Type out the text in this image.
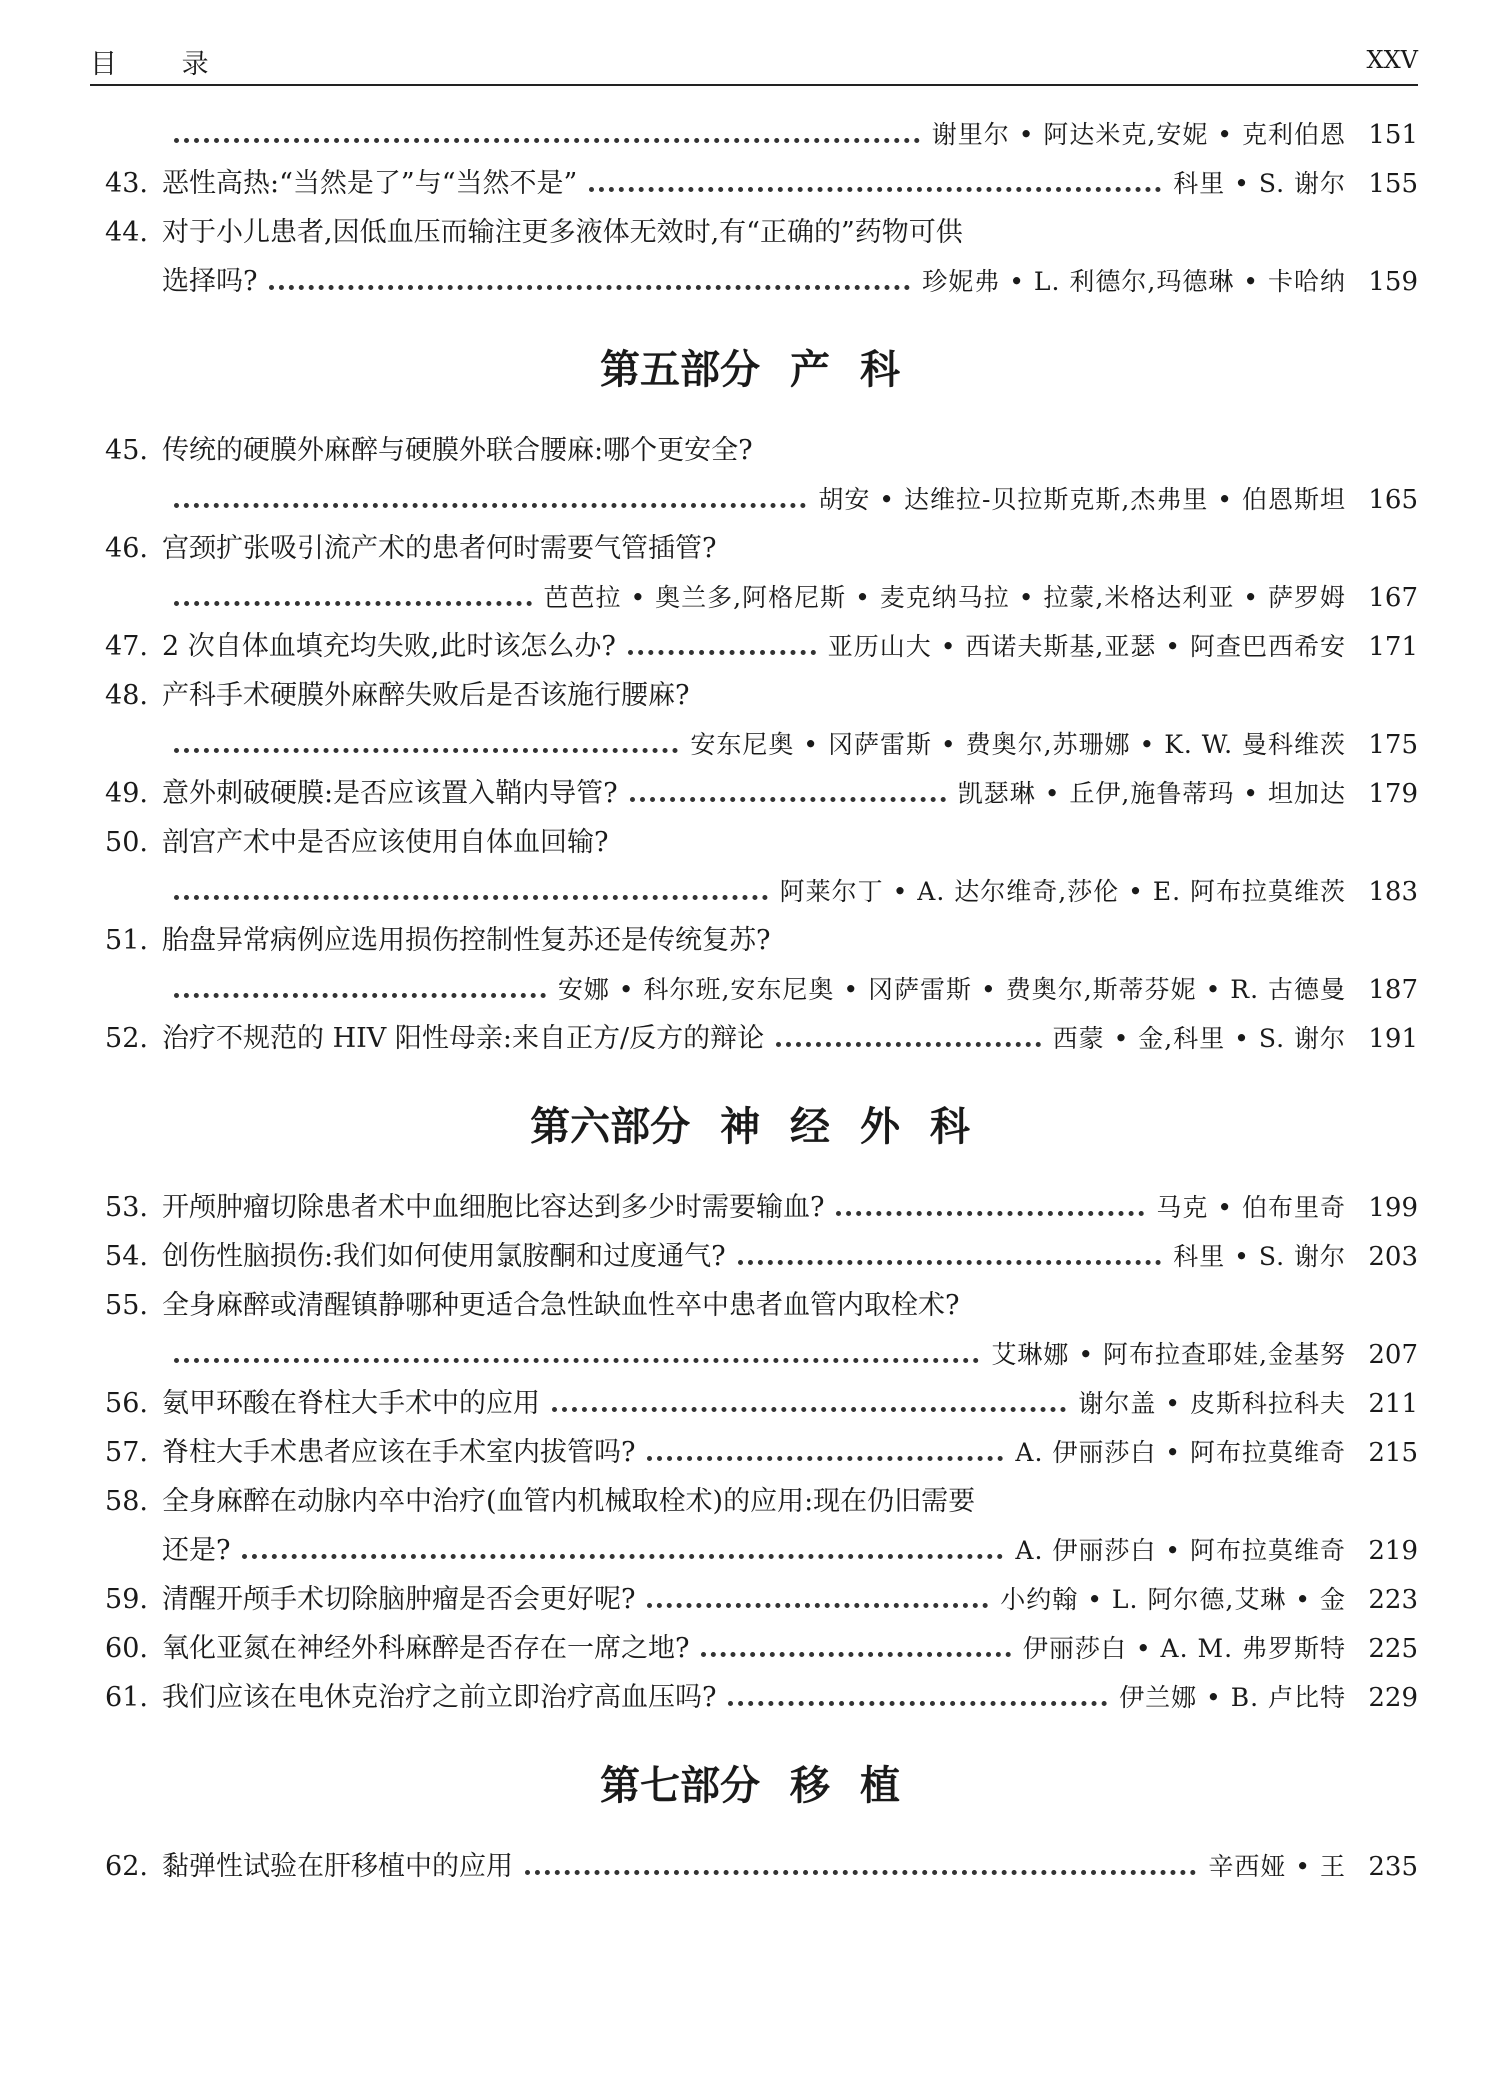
目 录	XXV
谢里尔 • 阿达米克,安妮 • 克利伯恩 151
43. 恶性高热:“当然是了”与“当然不是”	科里 • S. 谢尔 155
44. 对于小儿患者,因低血压而输注更多液体无效时,有“正确的”药物可供
选择吗?	珍妮弗 • L. 利德尔,玛德琳 • 卡哈纳 159
第五部分 产 科
45. 传统的硬膜外麻醉与硬膜外联合腰麻:哪个更安全?
胡安 • 达维拉-贝拉斯克斯,杰弗里 • 伯恩斯坦 165
46. 宫颈扩张吸引流产术的患者何时需要气管插管?
芭芭拉 • 奥兰多,阿格尼斯 • 麦克纳马拉 • 拉蒙,米格达利亚 • 萨罗姆 167
47. 2 次自体血填充均失败,此时该怎么办?	亚历山大 • 西诺夫斯基,亚瑟 • 阿查巴西希安 171
48. 产科手术硬膜外麻醉失败后是否该施行腰麻?
安东尼奥 • 冈萨雷斯 • 费奥尔,苏珊娜 • K. W. 曼科维茨 175
49. 意外刺破硬膜:是否应该置入鞘内导管?	凯瑟琳 • 丘伊,施鲁蒂玛 • 坦加达 179
50. 剖宫产术中是否应该使用自体血回输?
阿莱尔丁 • A. 达尔维奇,莎伦 • E. 阿布拉莫维茨 183
51. 胎盘异常病例应选用损伤控制性复苏还是传统复苏?
安娜 • 科尔班,安东尼奥 • 冈萨雷斯 • 费奥尔,斯蒂芬妮 • R. 古德曼 187
52. 治疗不规范的 HIV 阳性母亲:来自正方/反方的辩论	西蒙 • 金,科里 • S. 谢尔 191
第六部分 神 经 外 科
53. 开颅肿瘤切除患者术中血细胞比容达到多少时需要输血?	马克 • 伯布里奇 199
54. 创伤性脑损伤:我们如何使用氯胺酮和过度通气?	科里 • S. 谢尔 203
55. 全身麻醉或清醒镇静哪种更适合急性缺血性卒中患者血管内取栓术?
艾琳娜 • 阿布拉查耶娃,金基努 207
56. 氨甲环酸在脊柱大手术中的应用	谢尔盖 • 皮斯科拉科夫 211
57. 脊柱大手术患者应该在手术室内拔管吗?	A. 伊丽莎白 • 阿布拉莫维奇 215
58. 全身麻醉在动脉内卒中治疗(血管内机械取栓术)的应用:现在仍旧需要
还是?	A. 伊丽莎白 • 阿布拉莫维奇 219
59. 清醒开颅手术切除脑肿瘤是否会更好呢?	小约翰 • L. 阿尔德,艾琳 • 金 223
60. 氧化亚氮在神经外科麻醉是否存在一席之地?	伊丽莎白 • A. M. 弗罗斯特 225
61. 我们应该在电休克治疗之前立即治疗高血压吗?	伊兰娜 • B. 卢比特 229
第七部分 移 植
62. 黏弹性试验在肝移植中的应用	辛西娅 • 王 235
